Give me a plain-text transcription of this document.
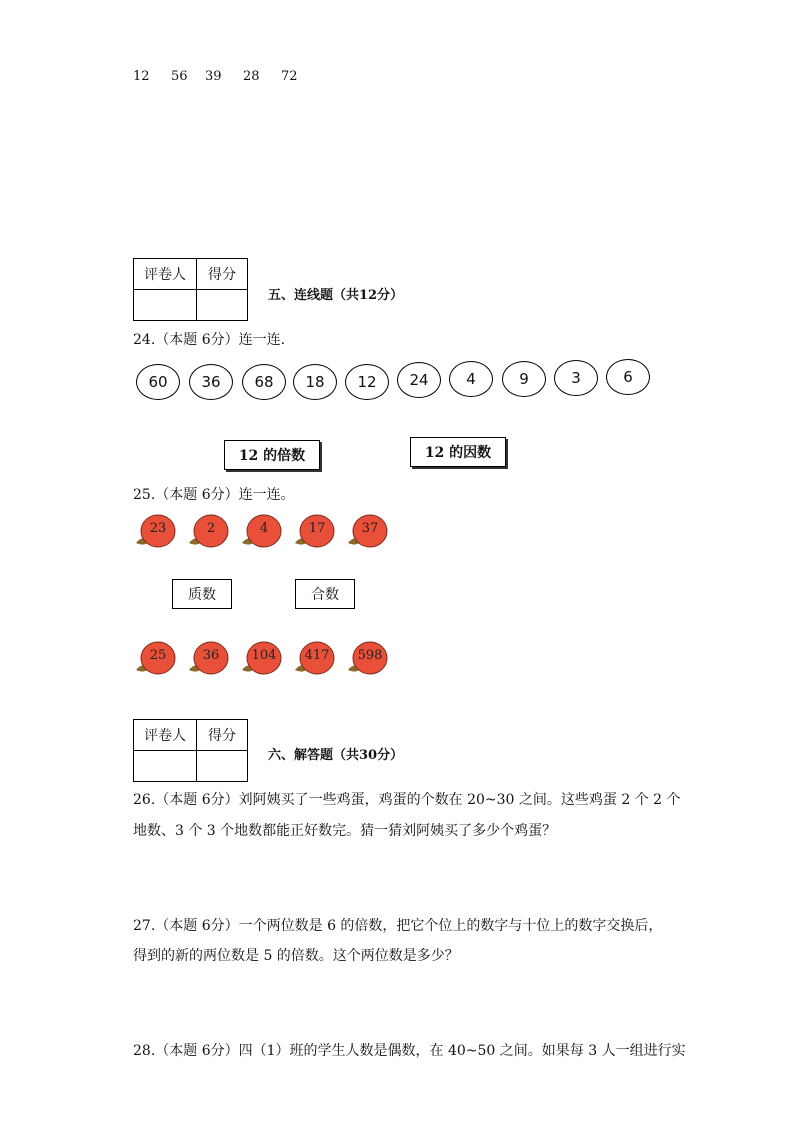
12 56 39 28 72
评卷人	得分

五、连线题（共12分）
24.（本题 6分）连一连.
60	36	68	18	12	24	4	9	3	6
12 的倍数	12 的因数
25.（本题 6分）连一连。
23	2	4	17	37
质数	合数
25	36	104	417	598
评卷人	得分

六、解答题（共30分）
26.（本题 6分）刘阿姨买了一些鸡蛋，鸡蛋的个数在 20~30 之间。这些鸡蛋 2 个 2 个
地数、3 个 3 个地数都能正好数完。猜一猜刘阿姨买了多少个鸡蛋？
27.（本题 6分）一个两位数是 6 的倍数，把它个位上的数字与十位上的数字交换后，
得到的新的两位数是 5 的倍数。这个两位数是多少？
28.（本题 6分）四（1）班的学生人数是偶数，在 40~50 之间。如果每 3 人一组进行实
